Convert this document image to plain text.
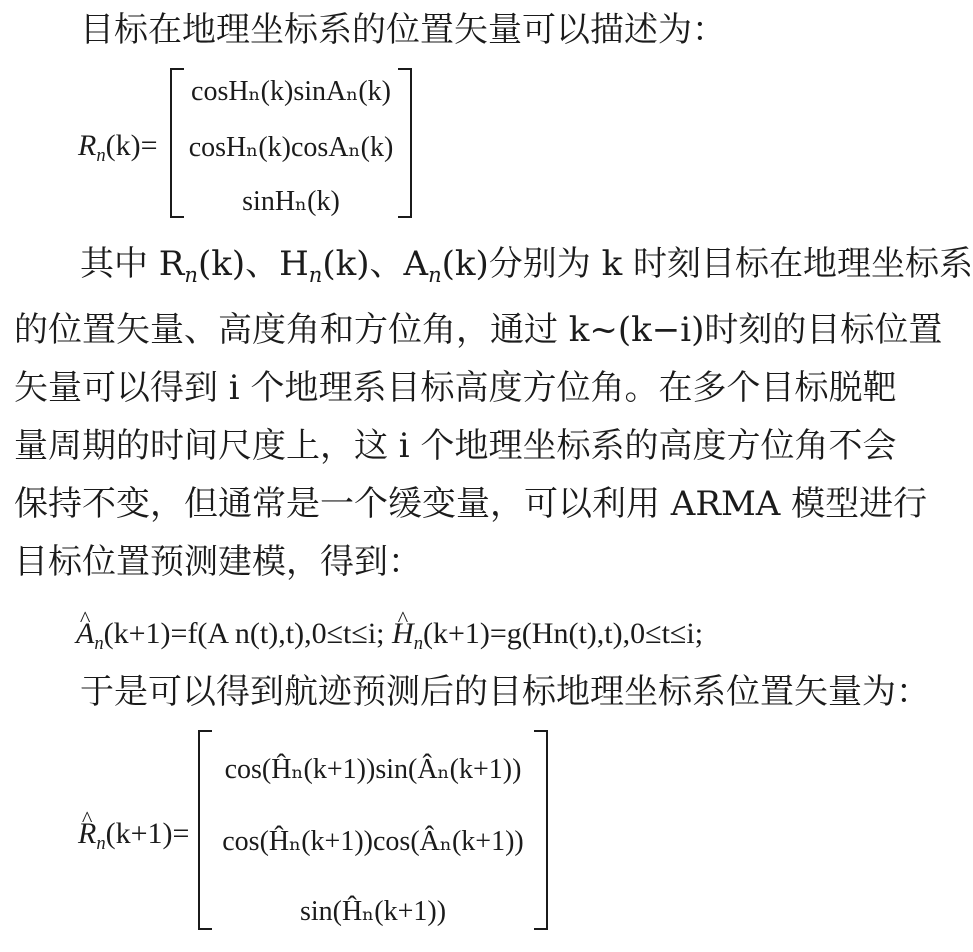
目标在地理坐标系的位置矢量可以描述为：
Rn(k)=
cosHₙ(k)sinAₙ(k)
cosHₙ(k)cosAₙ(k)
sinHₙ(k)
其中 Rn(k)、Hn(k)、An(k)分别为 k 时刻目标在地理坐标系
的位置矢量、高度角和方位角，通过 k~(k−i)时刻的目标位置
矢量可以得到 i 个地理系目标高度方位角。在多个目标脱靶
量周期的时间尺度上，这 i 个地理坐标系的高度方位角不会
保持不变，但通常是一个缓变量，可以利用 ARMA 模型进行
目标位置预测建模，得到：
^ An(k+1)=f(A n(t),t),0≤t≤i; ^ Hn(k+1)=g(Hn(t),t),0≤t≤i;
于是可以得到航迹预测后的目标地理坐标系位置矢量为：
^ Rn(k+1)=
cos(Ĥₙ(k+1))sin(Âₙ(k+1))
cos(Ĥₙ(k+1))cos(Âₙ(k+1))
sin(Ĥₙ(k+1))
